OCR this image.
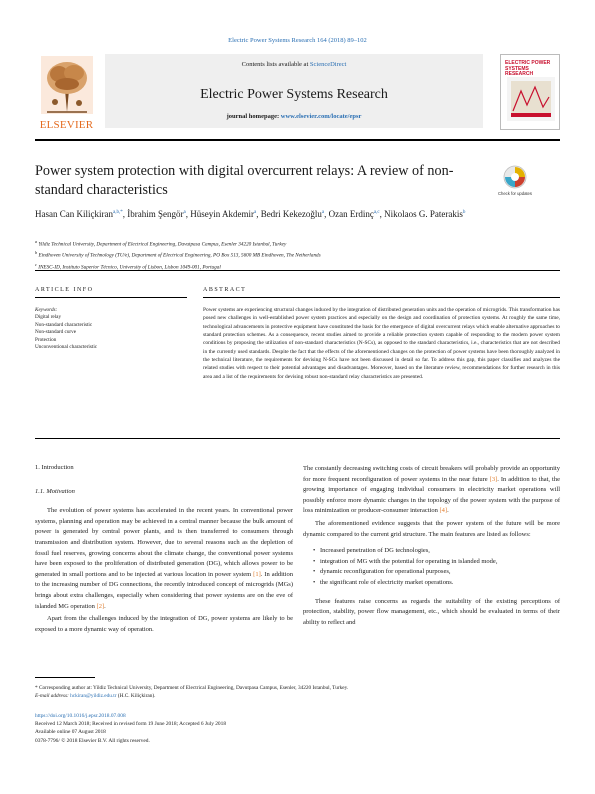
Electric Power Systems Research 164 (2018) 89–102
ELSEVIER
Contents lists available at ScienceDirect
Electric Power Systems Research
journal homepage: www.elsevier.com/locate/epsr
ELECTRIC POWER SYSTEMS RESEARCH
Power system protection with digital overcurrent relays: A review of non-standard characteristics	Check for updates
Hasan Can Kiliçkiran$^{a,b,*}$, İbrahim Şengör$^a$, Hüseyin Akdemir$^a$, Bedri Kekezoğlu$^a$, Ozan Erdinç$^{a,c}$, Nikolaos G. Paterakis$^b$
$^a$ Yildiz Technical University, Department of Electrical Engineering, Davutpasa Campus, Esenler 34220 Istanbul, Turkey
$^b$ Eindhoven University of Technology (TU/e), Department of Electrical Engineering, PO Box 513, 5600 MB Eindhoven, The Netherlands
$^c$ INESC-ID, Instituto Superior Técnico, University of Lisbon, Lisbon 1049-001, Portugal
ARTICLE INFO
Keywords:
Digital relay
Non-standard characteristic
Non-standard curve
Protection
Unconventional characteristic
ABSTRACT
Power systems are experiencing structural changes induced by the integration of distributed generation units and the operation of microgrids. This transformation has posed new challenges in well-established power system practices and especially on the design and coordination of protection systems. At roughly the same time, technological advancements in protective equipment have constituted the basis for the emergence of digital overcurrent relays which enable alternative approaches to standard protection schemes. As a consequence, recent studies aimed to provide a reliable protection system capable of responding to the modern power system conditions by proposing the utilization of non-standard characteristics (N-SCs), as opposed to the standard characteristics, i.e., characteristics that are not described in the currently used standards. Despite the fact that the effects of the aforementioned changes on the protection of power systems have been thoroughly analyzed in the technical literature, the requirements for devising N-SCs have not been discussed in detail so far. To address this gap, this paper classifies and analyzes the related studies with respect to their potential advantages and disadvantages. Moreover, based on the literature review, recommendations for further research in this area and a list of the requirements for devising robust non-standard relay characteristics are presented.
1. Introduction
1.1. Motivation

The evolution of power systems has accelerated in the recent years. In conventional power systems, planning and operation may be achieved in a central manner because the bulk amount of power is generated by central power plants, and is then transferred to consumers through transmission and distribution system. However, due to several reasons such as the depletion of fossil fuel reserves, growing concerns about the climate change, the conventional power systems have been exposed to the proliferation of distributed generation (DG), which allows power to be generated in small portions and to be injected at various location in power system [1]. In addition to the increasing number of DG connections, the recently introduced concept of microgrids (MGs) brings about extra challenges, especially when considering that power systems are on the eve of islanded MG operation [2].

Apart from the challenges induced by the integration of DG, power systems are likely to be exposed to a more dynamic way of operation.

The constantly decreasing switching costs of circuit breakers will probably provide an opportunity for more frequent reconfiguration of power systems in the near future [3]. In addition to that, the growing importance of engaging individual consumers in electricity market operations will possibly enforce more dynamic changes in the topology of the power system with the purpose of loss minimization or producer-consumer interaction [4].

The aforementioned evidence suggests that the power system of the future will be more dynamic compared to the current grid structure. The main features are listed as follows:

• Increased penetration of DG technologies,
• integration of MG with the potential for operating in islanded mode,
• dynamic reconfiguration for operational purposes,
• the significant role of electricity market operations.

These features raise concerns as regards the suitability of the existing perceptions of protection, stability, power flow management, etc., which should be evaluated in terms of their ability to reflect and

* Corresponding author at: Yildiz Technical University, Department of Electrical Engineering, Davutpasa Campus, Esenler, 34220 Istanbul, Turkey.
E-mail address: hckiran@yildiz.edu.tr (H.C. Kiliçkiran).
https://doi.org/10.1016/j.epsr.2018.07.008
Received 12 March 2018; Received in revised form 19 June 2018; Accepted 6 July 2018
Available online 07 August 2018
0378-7796/ © 2018 Elsevier B.V. All rights reserved.
